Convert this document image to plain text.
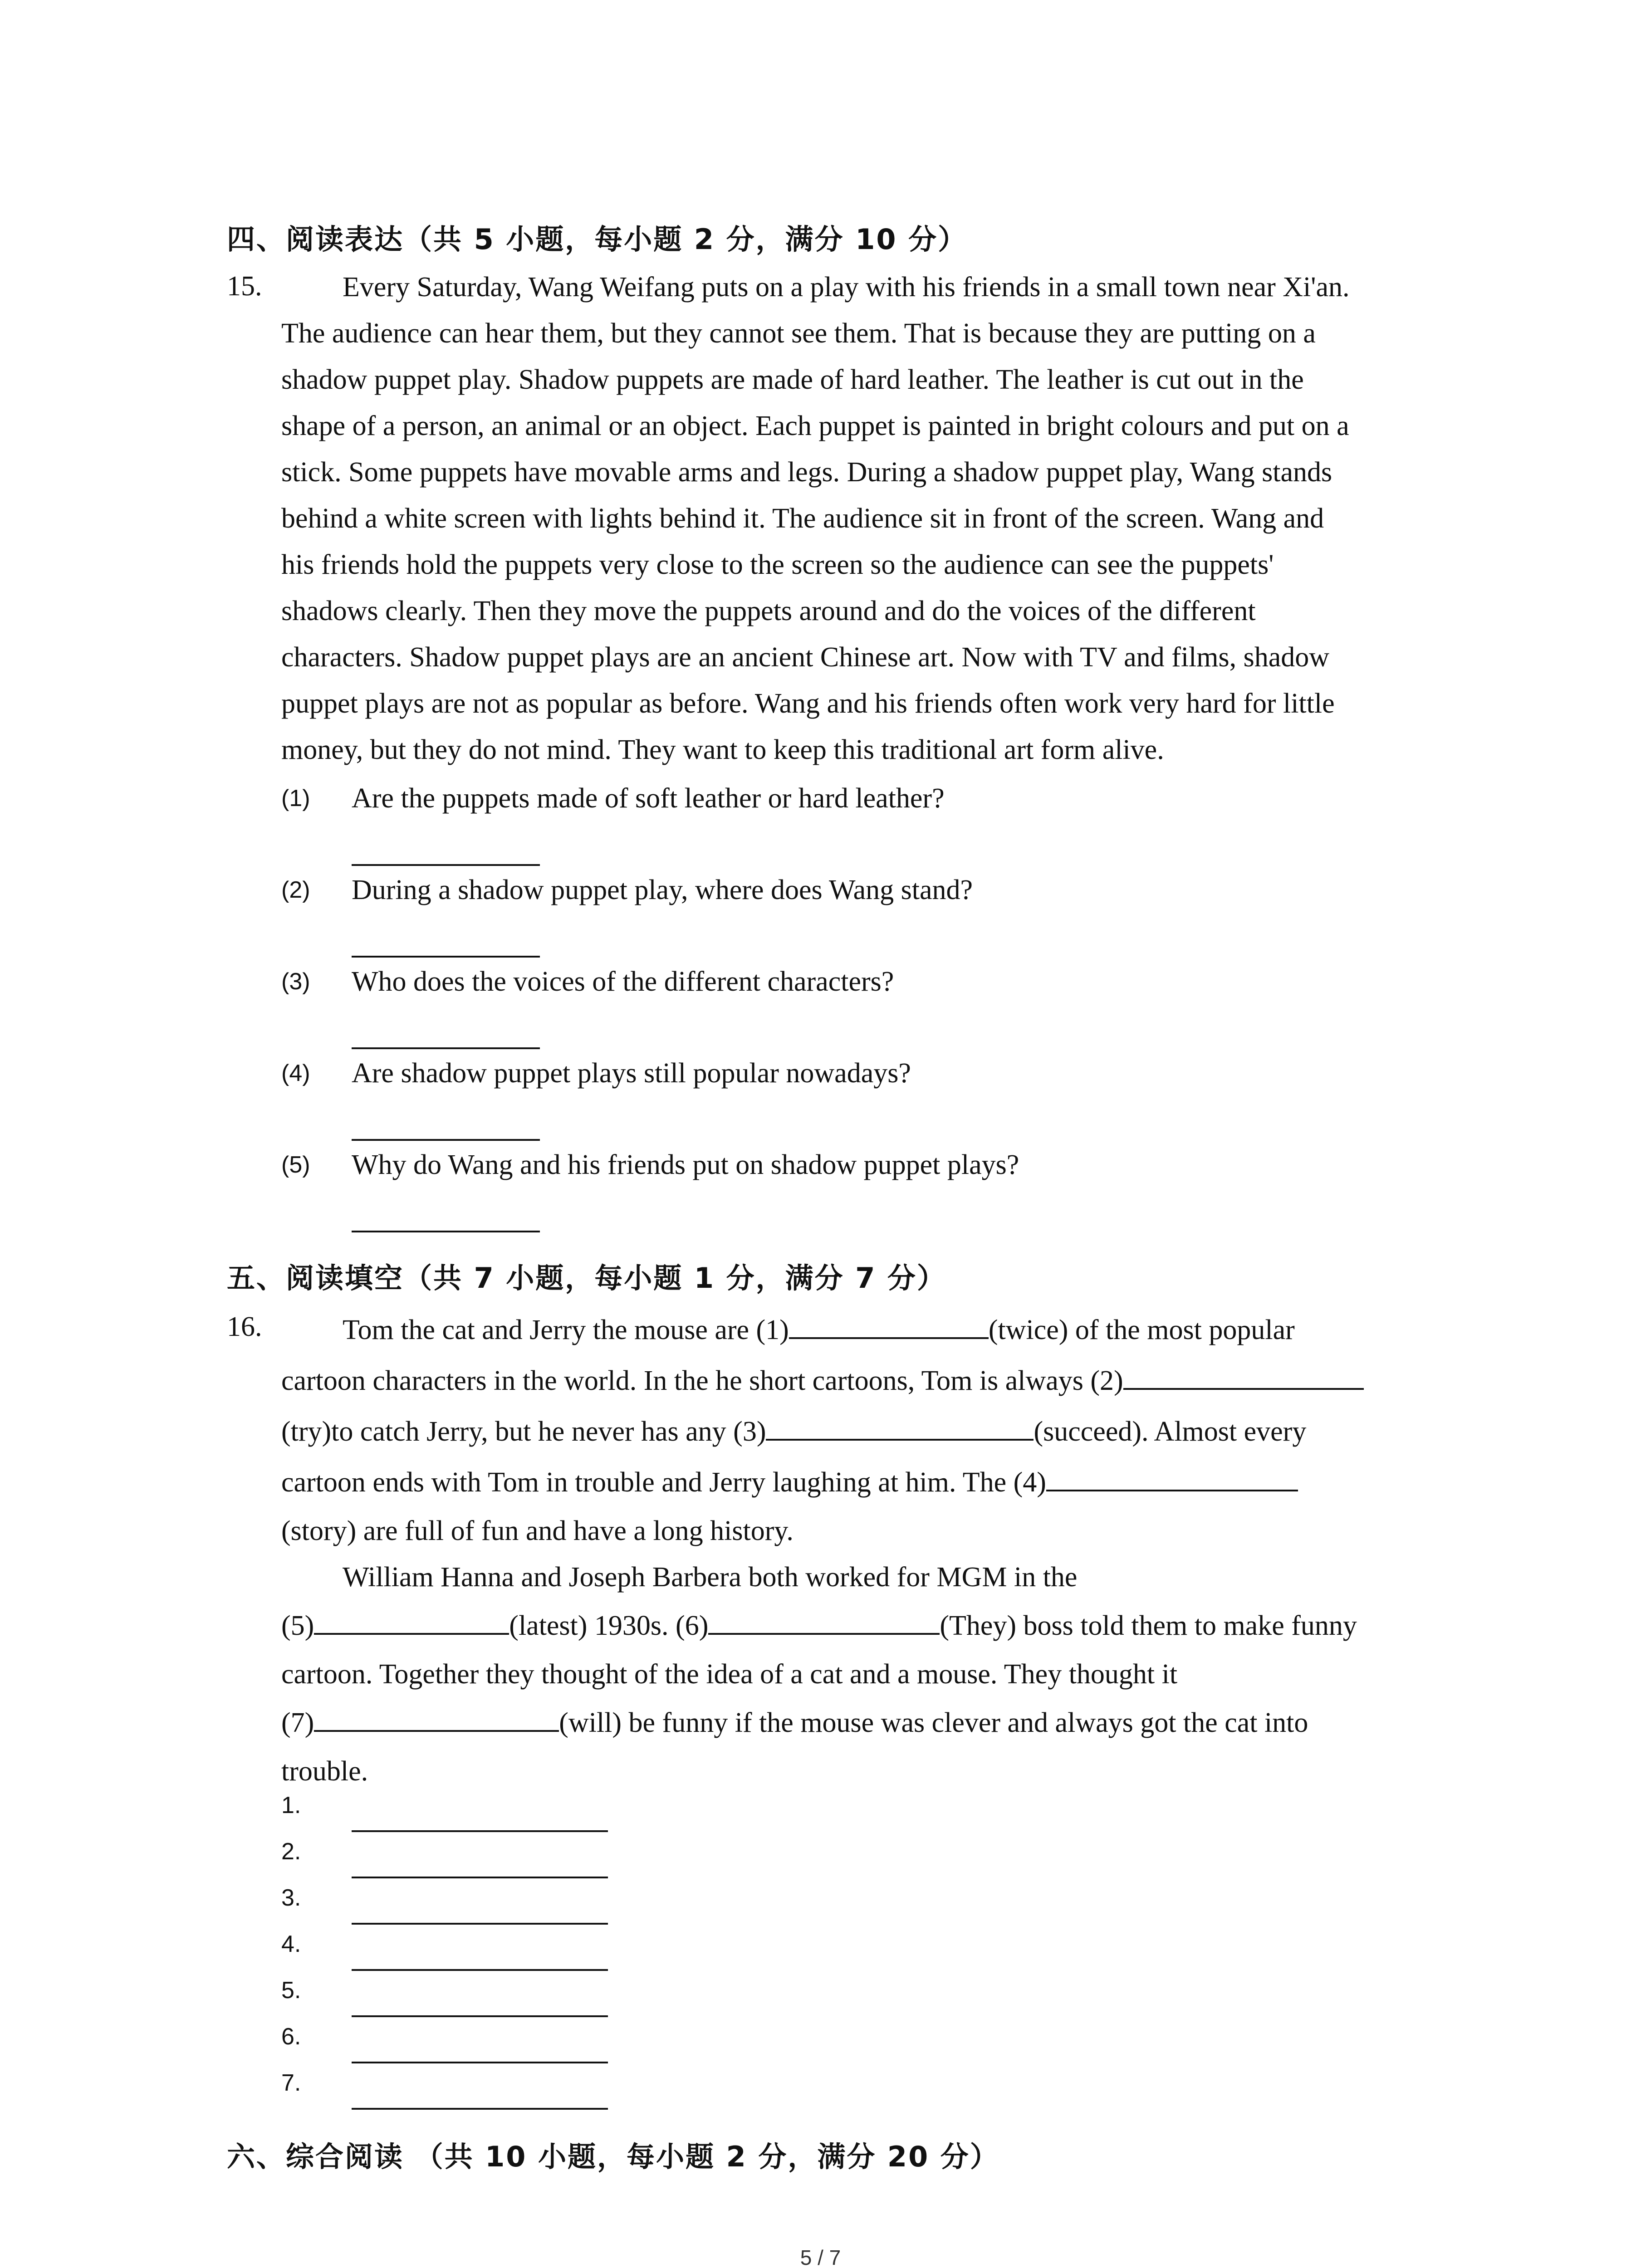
四、阅读表达（共 5 小题，每小题 2 分，满分 10 分）
15.	Every Saturday, Wang Weifang puts on a play with his friends in a small town near Xi'an.
The audience can hear them, but they cannot see them. That is because they are putting on a
shadow puppet play. Shadow puppets are made of hard leather. The leather is cut out in the
shape of a person, an animal or an object. Each puppet is painted in bright colours and put on a
stick. Some puppets have movable arms and legs. During a shadow puppet play, Wang stands
behind a white screen with lights behind it. The audience sit in front of the screen. Wang and
his friends hold the puppets very close to the screen so the audience can see the puppets'
shadows clearly. Then they move the puppets around and do the voices of the different
characters. Shadow puppet plays are an ancient Chinese art. Now with TV and films, shadow
puppet plays are not as popular as before. Wang and his friends often work very hard for little
money, but they do not mind. They want to keep this traditional art form alive.
(1) Are the puppets made of soft leather or hard leather?
(2) During a shadow puppet play, where does Wang stand?
(3) Who does the voices of the different characters?
(4) Are shadow puppet plays still popular nowadays?
(5) Why do Wang and his friends put on shadow puppet plays?
五、阅读填空（共 7 小题，每小题 1 分，满分 7 分）
16.	Tom the cat and Jerry the mouse are (1)	(twice) of the most popular
cartoon characters in the world. In the he short cartoons, Tom is always (2)
(try)to catch Jerry, but he never has any (3)	(succeed). Almost every
cartoon ends with Tom in trouble and Jerry laughing at him. The (4)
(story) are full of fun and have a long history.
William Hanna and Joseph Barbera both worked for MGM in the
(5)	(latest) 1930s. (6)	(They) boss told them to make funny
cartoon. Together they thought of the idea of a cat and a mouse. They thought it
(7)	(will) be funny if the mouse was clever and always got the cat into
trouble.
1.
2.
3.
4.
5.
6.
7.
六、综合阅读 （共 10 小题，每小题 2 分，满分 20 分）
5 / 7
